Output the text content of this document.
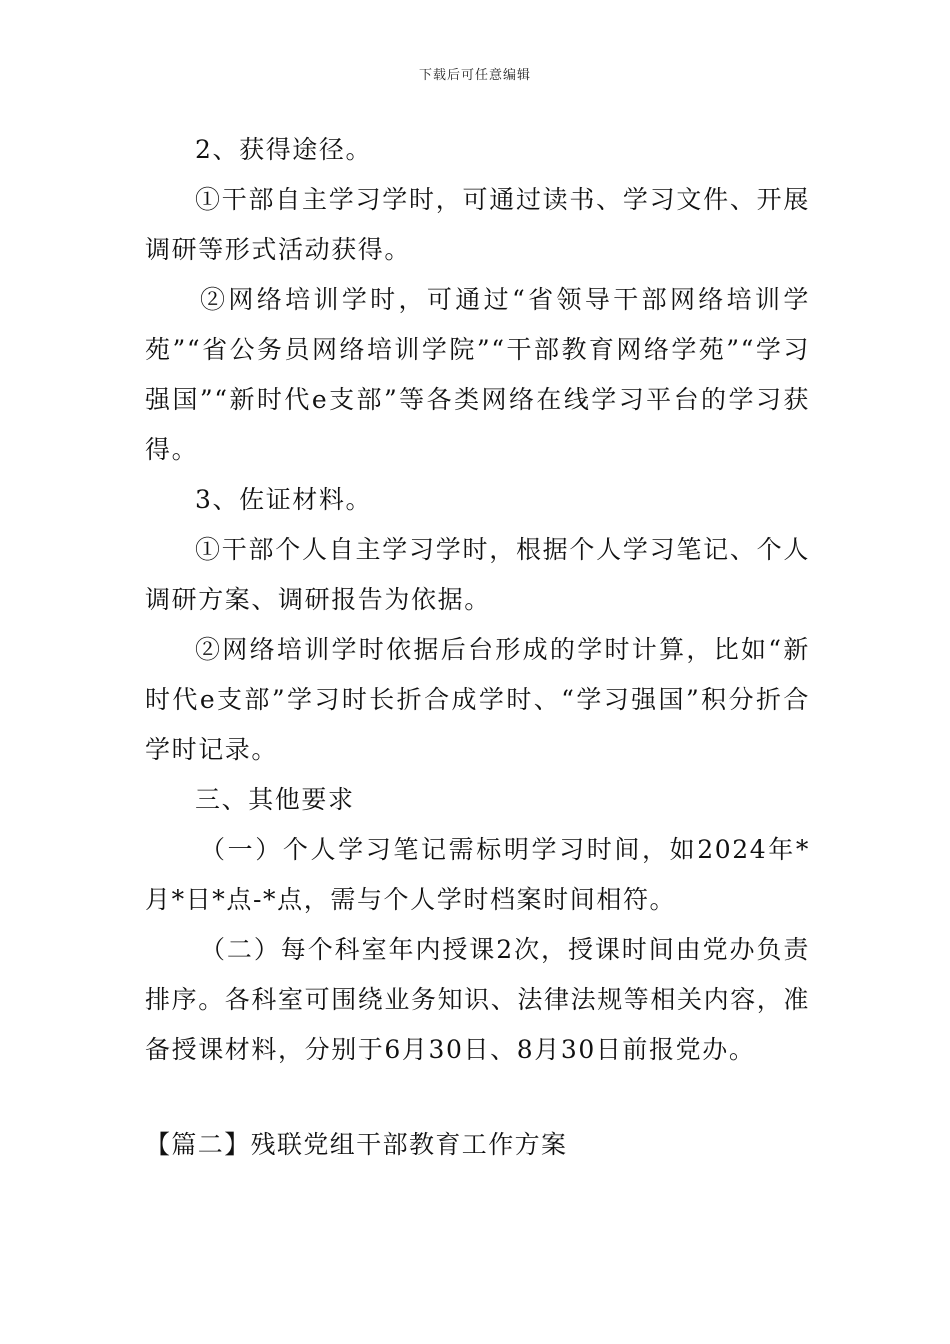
下载后可任意编辑

2、获得途径。

①干部自主学习学时，可通过读书、学习文件、开展调研等形式活动获得。

②网络培训学时，可通过“省领导干部网络培训学苑”“省公务员网络培训学院”“干部教育网络学苑”“学习强国”“新时代e支部”等各类网络在线学习平台的学习获得。

3、佐证材料。

①干部个人自主学习学时，根据个人学习笔记、个人调研方案、调研报告为依据。

②网络培训学时依据后台形成的学时计算，比如“新时代e支部”学习时长折合成学时、“学习强国”积分折合学时记录。

三、其他要求

（一）个人学习笔记需标明学习时间，如2024年*月*日*点-*点，需与个人学时档案时间相符。

（二）每个科室年内授课2次，授课时间由党办负责排序。各科室可围绕业务知识、法律法规等相关内容，准备授课材料，分别于6月30日、8月30日前报党办。

【篇二】残联党组干部教育工作方案
